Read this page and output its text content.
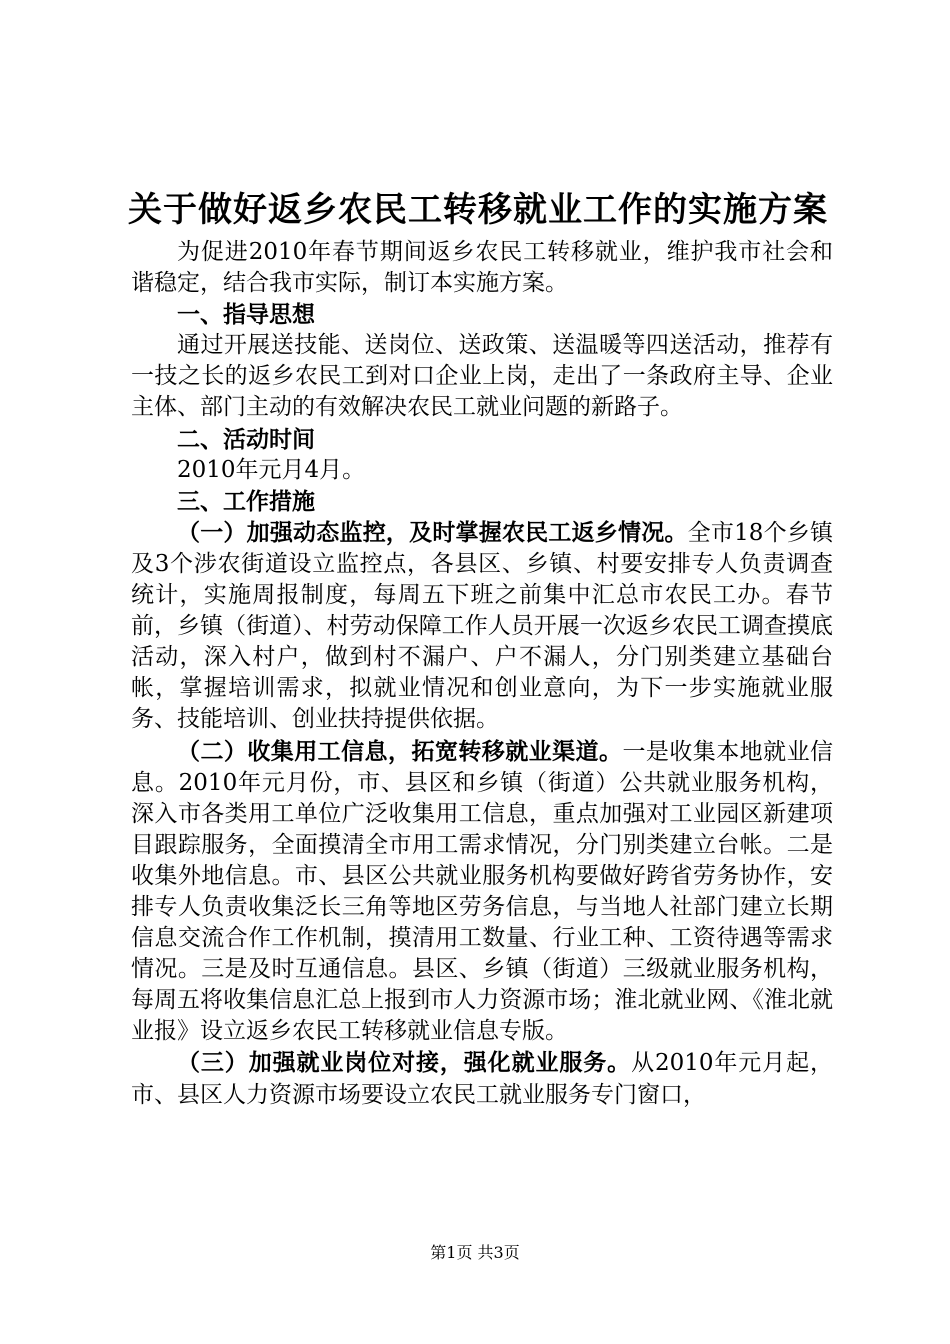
关于做好返乡农民工转移就业工作的实施方案

为促进2010年春节期间返乡农民工转移就业，维护我市社会和谐稳定，结合我市实际，制订本实施方案。

一、指导思想

通过开展送技能、送岗位、送政策、送温暖等四送活动，推荐有一技之长的返乡农民工到对口企业上岗，走出了一条政府主导、企业主体、部门主动的有效解决农民工就业问题的新路子。

二、活动时间

2010年元月4月。

三、工作措施

（一）加强动态监控，及时掌握农民工返乡情况。全市18个乡镇及3个涉农街道设立监控点，各县区、乡镇、村要安排专人负责调查统计，实施周报制度，每周五下班之前集中汇总市农民工办。春节前，乡镇（街道）、村劳动保障工作人员开展一次返乡农民工调查摸底活动，深入村户，做到村不漏户、户不漏人，分门别类建立基础台帐，掌握培训需求，拟就业情况和创业意向，为下一步实施就业服务、技能培训、创业扶持提供依据。

（二）收集用工信息，拓宽转移就业渠道。一是收集本地就业信息。2010年元月份，市、县区和乡镇（街道）公共就业服务机构，深入市各类用工单位广泛收集用工信息，重点加强对工业园区新建项目跟踪服务，全面摸清全市用工需求情况，分门别类建立台帐。二是收集外地信息。市、县区公共就业服务机构要做好跨省劳务协作，安排专人负责收集泛长三角等地区劳务信息，与当地人社部门建立长期信息交流合作工作机制，摸清用工数量、行业工种、工资待遇等需求情况。三是及时互通信息。县区、乡镇（街道）三级就业服务机构，每周五将收集信息汇总上报到市人力资源市场；淮北就业网、《淮北就业报》设立返乡农民工转移就业信息专版。

（三）加强就业岗位对接，强化就业服务。从2010年元月起，市、县区人力资源市场要设立农民工就业服务专门窗口，

第1页 共3页
